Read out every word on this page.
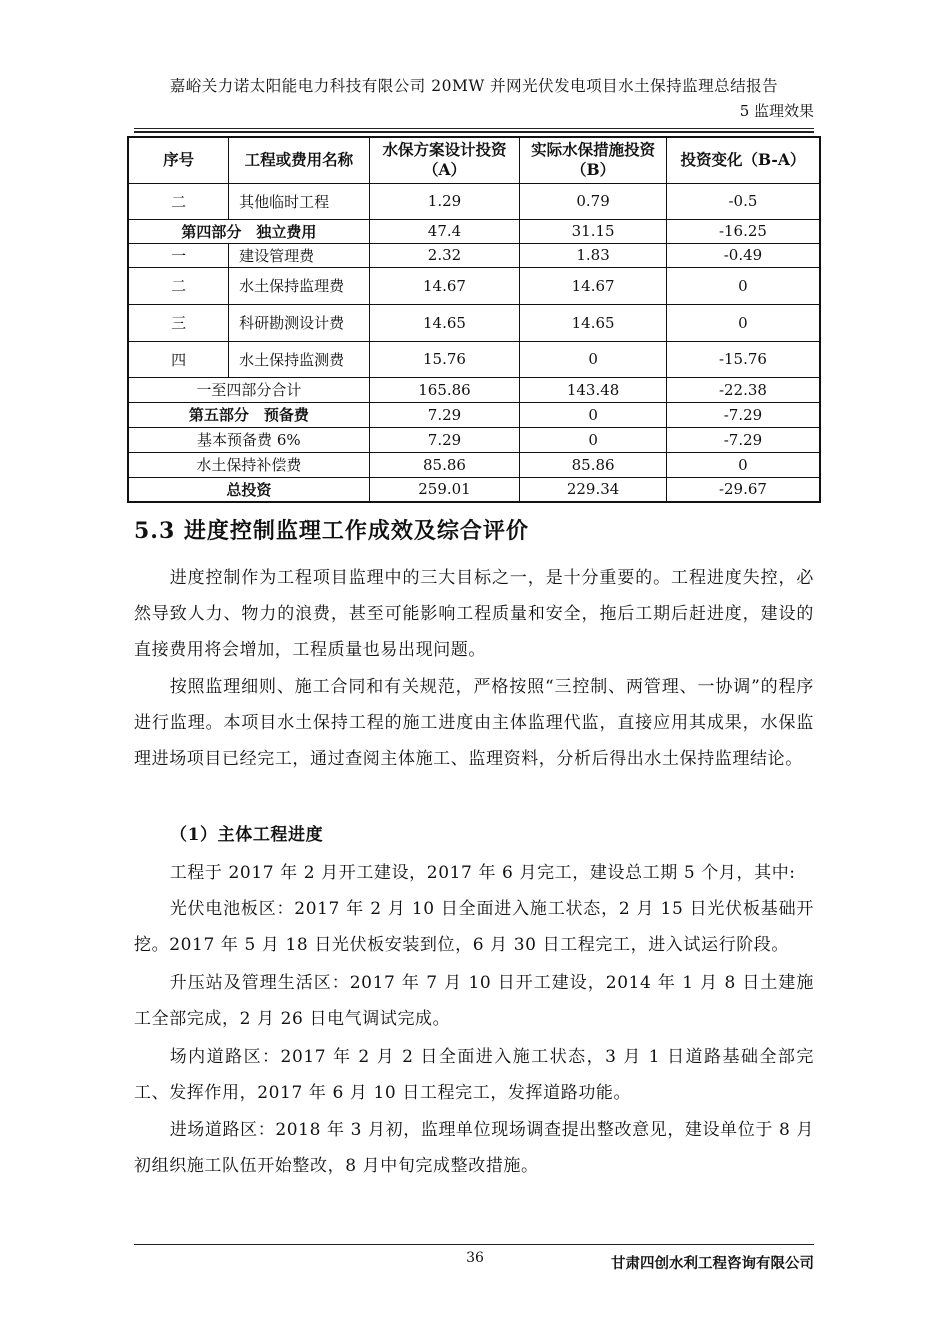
嘉峪关力诺太阳能电力科技有限公司 20MW 并网光伏发电项目水土保持监理总结报告
5 监理效果
序号	工程或费用名称	水保方案设计投资（A）	实际水保措施投资（B）	投资变化（B-A）
二	其他临时工程	1.29	0.79	-0.5
第四部分　独立费用		47.4	31.15	-16.25
一	建设管理费	2.32	1.83	-0.49
二	水土保持监理费	14.67	14.67	0
三	科研勘测设计费	14.65	14.65	0
四	水土保持监测费	15.76	0	-15.76
一至四部分合计		165.86	143.48	-22.38
第五部分　预备费		7.29	0	-7.29
基本预备费 6%		7.29	0	-7.29
水土保持补偿费		85.86	85.86	0
总投资		259.01	229.34	-29.67
5.3 进度控制监理工作成效及综合评价

进度控制作为工程项目监理中的三大目标之一，是十分重要的。工程进度失控，必然导致人力、物力的浪费，甚至可能影响工程质量和安全，拖后工期后赶进度，建设的直接费用将会增加，工程质量也易出现问题。

按照监理细则、施工合同和有关规范，严格按照“三控制、两管理、一协调”的程序进行监理。本项目水土保持工程的施工进度由主体监理代监，直接应用其成果，水保监理进场项目已经完工，通过查阅主体施工、监理资料，分析后得出水土保持监理结论。

（1）主体工程进度

工程于 2017 年 2 月开工建设，2017 年 6 月完工，建设总工期 5 个月，其中:

光伏电池板区：2017 年 2 月 10 日全面进入施工状态，2 月 15 日光伏板基础开挖。2017 年 5 月 18 日光伏板安装到位，6 月 30 日工程完工，进入试运行阶段。

升压站及管理生活区：2017 年 7 月 10 日开工建设，2014 年 1 月 8 日土建施工全部完成，2 月 26 日电气调试完成。

场内道路区：2017 年 2 月 2 日全面进入施工状态，3 月 1 日道路基础全部完工、发挥作用，2017 年 6 月 10 日工程完工，发挥道路功能。

进场道路区：2018 年 3 月初，监理单位现场调查提出整改意见，建设单位于 8 月初组织施工队伍开始整改，8 月中旬完成整改措施。

36	甘肃四创水利工程咨询有限公司
